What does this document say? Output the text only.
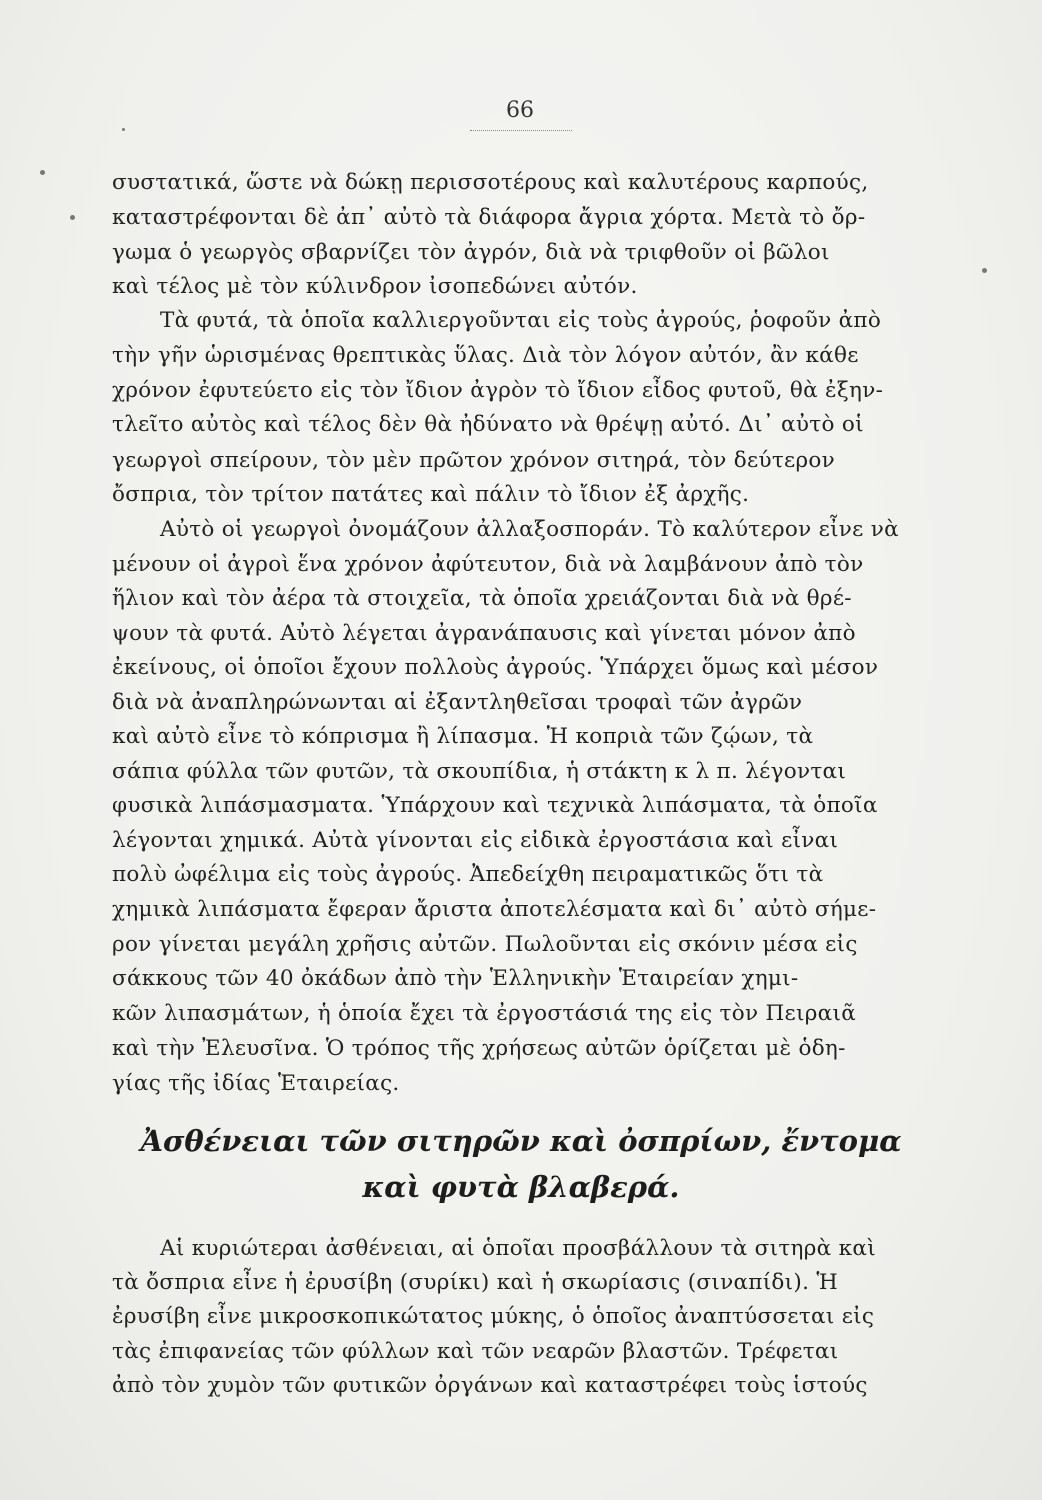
66
συστατικά, ὥστε νὰ δώκῃ περισσοτέρους καὶ καλυτέρους καρπούς,
καταστρέφονται δὲ ἀπ᾿ αὐτὸ τὰ διάφορα ἄγρια χόρτα. Μετὰ τὸ ὄρ-
γωμα ὁ γεωργὸς σβαρνίζει τὸν ἀγρόν, διὰ νὰ τριφθοῦν οἱ βῶλοι
καὶ τέλος μὲ τὸν κύλινδρον ἰσοπεδώνει αὐτόν.
Τὰ φυτά, τὰ ὁποῖα καλλιεργοῦνται εἰς τοὺς ἀγρούς, ῥοφοῦν ἀπὸ
τὴν γῆν ὡρισμένας θρεπτικὰς ὕλας. Διὰ τὸν λόγον αὐτόν, ἂν κάθε
χρόνον ἐφυτεύετο εἰς τὸν ἴδιον ἀγρὸν τὸ ἴδιον εἶδος φυτοῦ, θὰ ἐξην-
τλεῖτο αὐτὸς καὶ τέλος δὲν θὰ ἠδύνατο νὰ θρέψῃ αὐτό. Δι᾿ αὐτὸ οἱ
γεωργοὶ σπείρουν, τὸν μὲν πρῶτον χρόνον σιτηρά, τὸν δεύτερον
ὄσπρια, τὸν τρίτον πατάτες καὶ πάλιν τὸ ἴδιον ἐξ ἀρχῆς.
Αὐτὸ οἱ γεωργοὶ ὀνομάζουν ἀλλαξοσποράν. Τὸ καλύτερον εἶνε νὰ
μένουν οἱ ἀγροὶ ἕνα χρόνον ἀφύτευτον, διὰ νὰ λαμβάνουν ἀπὸ τὸν
ἥλιον καὶ τὸν ἀέρα τὰ στοιχεῖα, τὰ ὁποῖα χρειάζονται διὰ νὰ θρέ-
ψουν τὰ φυτά. Αὐτὸ λέγεται ἀγρανάπαυσις καὶ γίνεται μόνον ἀπὸ
ἐκείνους, οἱ ὁποῖοι ἔχουν πολλοὺς ἀγρούς. Ὑπάρχει ὅμως καὶ μέσον
διὰ νὰ ἀναπληρώνωνται αἱ ἐξαντληθεῖσαι τροφαὶ τῶν ἀγρῶν
καὶ αὐτὸ εἶνε τὸ κόπρισμα ἢ λίπασμα. Ἡ κοπριὰ τῶν ζῴων, τὰ
σάπια φύλλα τῶν φυτῶν, τὰ σκουπίδια, ἡ στάκτη κ λ π. λέγονται
φυσικὰ λιπάσμασματα. Ὑπάρχουν καὶ τεχνικὰ λιπάσματα, τὰ ὁποῖα
λέγονται χημικά. Αὐτὰ γίνονται εἰς εἰδικὰ ἐργοστάσια καὶ εἶναι
πολὺ ὠφέλιμα εἰς τοὺς ἀγρούς. Ἀπεδείχθη πειραματικῶς ὅτι τὰ
χημικὰ λιπάσματα ἔφεραν ἄριστα ἀποτελέσματα καὶ δι᾿ αὐτὸ σήμε-
ρον γίνεται μεγάλη χρῆσις αὐτῶν. Πωλοῦνται εἰς σκόνιν μέσα εἰς
σάκκους τῶν 40 ὀκάδων ἀπὸ τὴν Ἑλληνικὴν Ἑταιρείαν χημι-
κῶν λιπασμάτων, ἡ ὁποία ἔχει τὰ ἐργοστάσιά της εἰς τὸν Πειραιᾶ
καὶ τὴν Ἐλευσῖνα. Ὁ τρόπος τῆς χρήσεως αὐτῶν ὁρίζεται μὲ ὁδη-
γίας τῆς ἰδίας Ἑταιρείας.
Ἀσθένειαι τῶν σιτηρῶν καὶ ὀσπρίων, ἔντομα
καὶ φυτὰ βλαβερά.
Αἱ κυριώτεραι ἀσθένειαι, αἱ ὁποῖαι προσβάλλουν τὰ σιτηρὰ καὶ
τὰ ὄσπρια εἶνε ἡ ἐρυσίβη (συρίκι) καὶ ἡ σκωρίασις (σιναπίδι). Ἡ
ἐρυσίβη εἶνε μικροσκοπικώτατος μύκης, ὁ ὁποῖος ἀναπτύσσεται εἰς
τὰς ἐπιφανείας τῶν φύλλων καὶ τῶν νεαρῶν βλαστῶν. Τρέφεται
ἀπὸ τὸν χυμὸν τῶν φυτικῶν ὀργάνων καὶ καταστρέφει τοὺς ἱστούς
